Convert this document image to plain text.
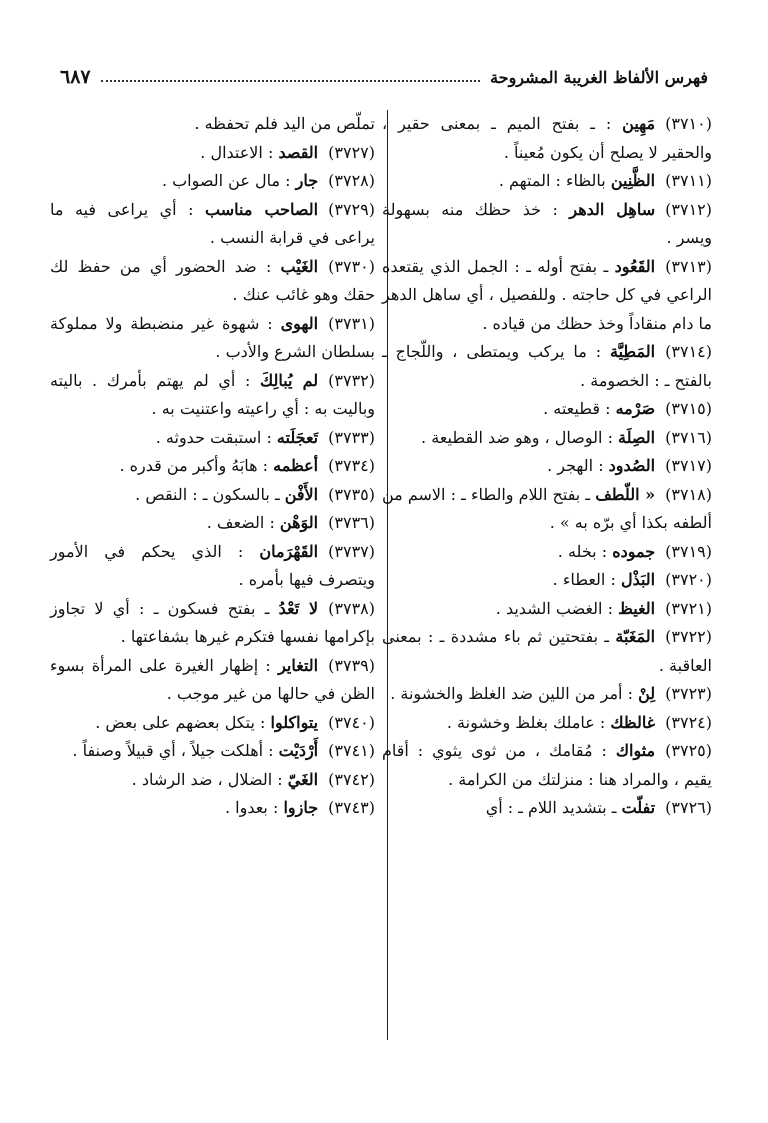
فهرس الألفاظ الغريبة المشروحة
٦٨٧
(٣٧١٠)مَهِين : ـ بفتح الميم ـ بمعنى حقير ، والحقير لا يصلح أن يكون مُعيناً .
(٣٧١١)الظَّنِين بالظاء : المتهم .
(٣٧١٢)ساهِل الدهر : خذ حظك منه بسهولة ويسر .
(٣٧١٣)القَعُود ـ بفتح أوله ـ : الجمل الذي يقتعده الراعي في كل حاجته . وللفصيل ، أي ساهل الدهر ما دام منقاداً وخذ حظك من قياده .
(٣٧١٤)المَطِيَّة : ما يركب ويمتطى ، واللّجاج ـ بالفتح ـ : الخصومة .
(٣٧١٥)صَرْمه : قطيعته .
(٣٧١٦)الصِلَة : الوصال ، وهو ضد القطيعة .
(٣٧١٧)الصُدود : الهجر .
(٣٧١٨)« اللّطف ـ بفتح اللام والطاء ـ : الاسم من ألطفه بكذا أي برّه به » .
(٣٧١٩)جموده : بخله .
(٣٧٢٠)البَذْل : العطاء .
(٣٧٢١)الغيظ : الغضب الشديد .
(٣٧٢٢)المَغَبّة ـ بفتحتين ثم باء مشددة ـ : بمعنى العاقبة .
(٣٧٢٣)لِنْ : أمر من اللين ضد الغلظ والخشونة .
(٣٧٢٤)غالظك : عاملك بغلظ وخشونة .
(٣٧٢٥)مثواك : مُقامك ، من ثوى يثوي : أقام يقيم ، والمراد هنا : منزلتك من الكرامة .
(٣٧٢٦)تفلّت ـ بتشديد اللام ـ : أي
تملّص من اليد فلم تحفظه .
(٣٧٢٧)القصد : الاعتدال .
(٣٧٢٨)جار : مال عن الصواب .
(٣٧٢٩)الصاحب مناسب : أي يراعى فيه ما يراعى في قرابة النسب .
(٣٧٣٠)الغَيْب : ضد الحضور أي من حفظ لك حقك وهو غائب عنك .
(٣٧٣١)الهوى : شهوة غير منضبطة ولا مملوكة بسلطان الشرع والأدب .
(٣٧٣٢)لم يُبالِكَ : أي لم يهتم بأمرك . باليته وباليت به : أي راعيته واعتنيت به .
(٣٧٣٣)تَعجَلَته : استبقت حدوثه .
(٣٧٣٤)أعظمه : هابَهُ وأكبر من قدره .
(٣٧٣٥)الأَفْن ـ بالسكون ـ : النقص .
(٣٧٣٦)الوَهْن : الضعف .
(٣٧٣٧)القَهْرَمان : الذي يحكم في الأمور ويتصرف فيها بأمره .
(٣٧٣٨)لا تَعْدُ ـ بفتح فسكون ـ : أي لا تجاوز بإكرامها نفسها فتكرم غيرها بشفاعتها .
(٣٧٣٩)التغاير : إظهار الغيرة على المرأة بسوء الظن في حالها من غير موجب .
(٣٧٤٠)يتواكلوا : يتكل بعضهم على بعض .
(٣٧٤١)أَرْدَيْت : أهلكت جيلاً ، أي قبيلاً وصنفاً .
(٣٧٤٢)الغَيّ : الضلال ، ضد الرشاد .
(٣٧٤٣)جازوا : بعدوا .
